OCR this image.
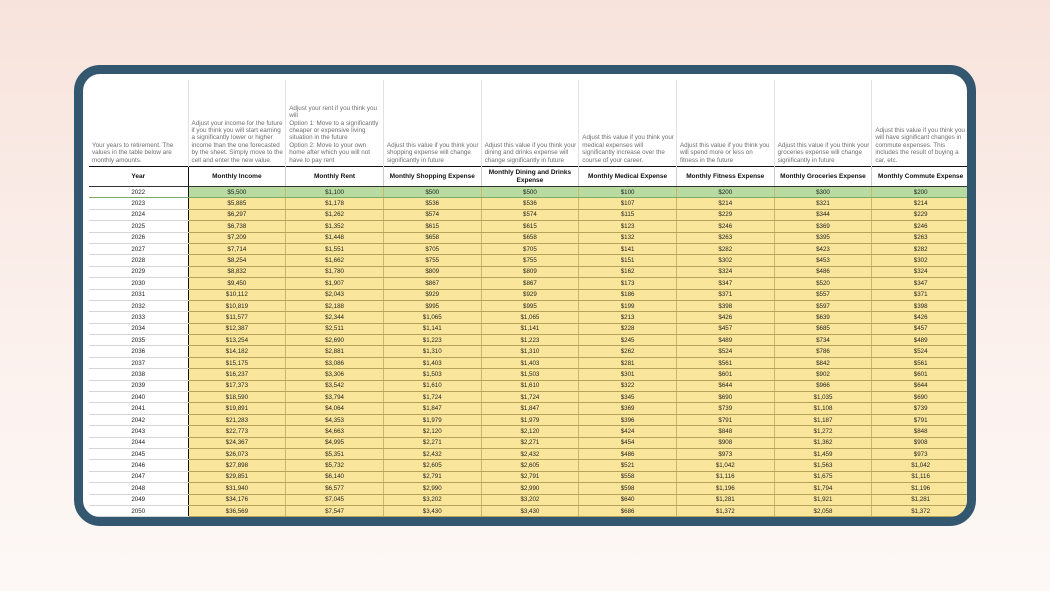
Your years to retirement. The values in the table below are monthly amounts.	Adjust your income for the future if you think you will start earning a significantly lower or higher income than the one forecasted by the sheet. Simply move to the cell and enter the new value.	Adjust your rent if you think you will
Option 1: Move to a significantly cheaper or expensive living situation in the future
Option 2: Move to your own home after which you will not have to pay rent	Adjust this value if you think your shopping expense will change significantly in future	Adjust this value if you think your dining and drinks expense will change significantly in future	Adjust this value if you think your medical expenses will significantly increase over the course of your career.	Adjust this value if you think you will spend more or less on fitness in the future	Adjust this value if you think your groceries expense will change significantly in future	Adjust this value if you think you will have significant changes in commute expenses. This includes the result of buying a car, etc.
Year	Monthly Income	Monthly Rent	Monthly Shopping Expense	Monthly Dining and Drinks Expense	Monthly Medical Expense	Monthly Fitness Expense	Monthly Groceries Expense	Monthly Commute Expense
2022	$5,500	$1,100	$500	$500	$100	$200	$300	$200
2023	$5,885	$1,178	$536	$536	$107	$214	$321	$214
2024	$6,297	$1,262	$574	$574	$115	$229	$344	$229
2025	$6,738	$1,352	$615	$615	$123	$246	$369	$246
2026	$7,209	$1,448	$658	$658	$132	$263	$395	$263
2027	$7,714	$1,551	$705	$705	$141	$282	$423	$282
2028	$8,254	$1,662	$755	$755	$151	$302	$453	$302
2029	$8,832	$1,780	$809	$809	$162	$324	$486	$324
2030	$9,450	$1,907	$867	$867	$173	$347	$520	$347
2031	$10,112	$2,043	$929	$929	$186	$371	$557	$371
2032	$10,819	$2,188	$995	$995	$199	$398	$597	$398
2033	$11,577	$2,344	$1,065	$1,065	$213	$426	$639	$426
2034	$12,387	$2,511	$1,141	$1,141	$228	$457	$685	$457
2035	$13,254	$2,690	$1,223	$1,223	$245	$489	$734	$489
2036	$14,182	$2,881	$1,310	$1,310	$262	$524	$786	$524
2037	$15,175	$3,086	$1,403	$1,403	$281	$561	$842	$561
2038	$16,237	$3,306	$1,503	$1,503	$301	$601	$902	$601
2039	$17,373	$3,542	$1,610	$1,610	$322	$644	$966	$644
2040	$18,590	$3,794	$1,724	$1,724	$345	$690	$1,035	$690
2041	$19,891	$4,064	$1,847	$1,847	$369	$739	$1,108	$739
2042	$21,283	$4,353	$1,979	$1,979	$396	$791	$1,187	$791
2043	$22,773	$4,663	$2,120	$2,120	$424	$848	$1,272	$848
2044	$24,367	$4,995	$2,271	$2,271	$454	$908	$1,362	$908
2045	$26,073	$5,351	$2,432	$2,432	$486	$973	$1,459	$973
2046	$27,898	$5,732	$2,605	$2,605	$521	$1,042	$1,563	$1,042
2047	$29,851	$6,140	$2,791	$2,791	$558	$1,116	$1,675	$1,116
2048	$31,940	$6,577	$2,990	$2,990	$598	$1,196	$1,794	$1,196
2049	$34,176	$7,045	$3,202	$3,202	$640	$1,281	$1,921	$1,281
2050	$36,569	$7,547	$3,430	$3,430	$686	$1,372	$2,058	$1,372
2051	$39,128	$8,084	$3,675	$3,675	$735	$1,470	$2,205	$1,470
